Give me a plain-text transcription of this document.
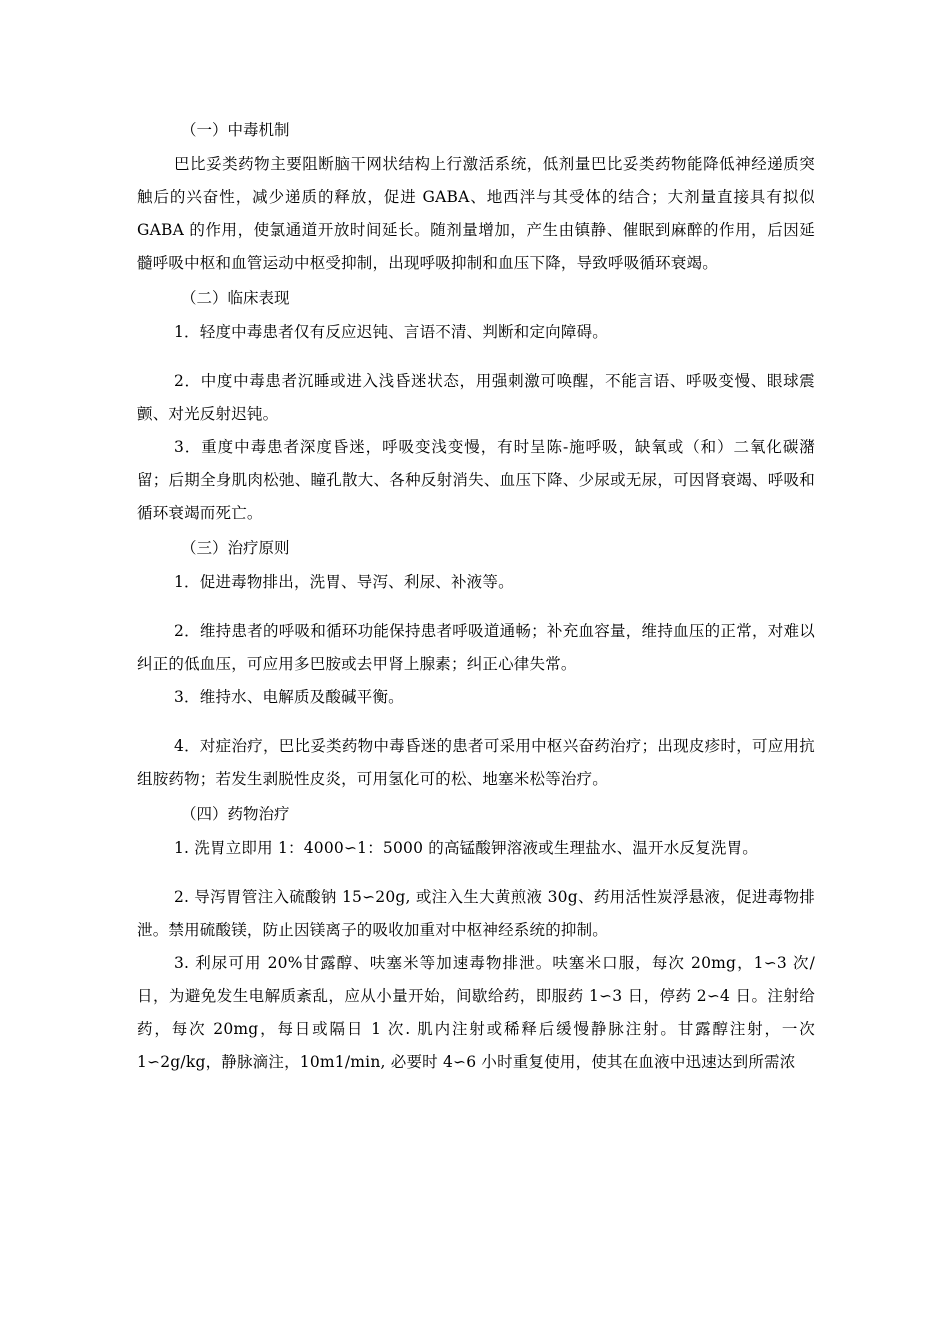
（一）中毒机制
巴比妥类药物主要阻断脑干网状结构上行激活系统，低剂量巴比妥类药物能降低神经递质突触后的兴奋性，减少递质的释放，促进 GABA、地西泮与其受体的结合；大剂量直接具有拟似 GABA 的作用，使氯通道开放时间延长。随剂量增加，产生由镇静、催眠到麻醉的作用，后因延髓呼吸中枢和血管运动中枢受抑制，出现呼吸抑制和血压下降，导致呼吸循环衰竭。
（二）临床表现
1．轻度中毒患者仅有反应迟钝、言语不清、判断和定向障碍。
2．中度中毒患者沉睡或进入浅昏迷状态，用强刺激可唤醒，不能言语、呼吸变慢、眼球震颤、对光反射迟钝。
3．重度中毒患者深度昏迷，呼吸变浅变慢，有时呈陈-施呼吸，缺氧或（和）二氧化碳潴留；后期全身肌肉松弛、瞳孔散大、各种反射消失、血压下降、少尿或无尿，可因肾衰竭、呼吸和循环衰竭而死亡。
（三）治疗原则
1．促进毒物排出，洗胃、导泻、利尿、补液等。
2．维持患者的呼吸和循环功能保持患者呼吸道通畅；补充血容量，维持血压的正常，对难以纠正的低血压，可应用多巴胺或去甲肾上腺素；纠正心律失常。
3．维持水、电解质及酸碱平衡。
4．对症治疗，巴比妥类药物中毒昏迷的患者可采用中枢兴奋药治疗；出现皮疹时，可应用抗组胺药物；若发生剥脱性皮炎，可用氢化可的松、地塞米松等治疗。
（四）药物治疗
1. 洗胃立即用 1：4000∽1：5000 的高锰酸钾溶液或生理盐水、温开水反复洗胃。
2. 导泻胃管注入硫酸钠 15∽20g, 或注入生大黄煎液 30g、药用活性炭浮悬液，促进毒物排泄。禁用硫酸镁，防止因镁离子的吸收加重对中枢神经系统的抑制。
3. 利尿可用 20%甘露醇、呋塞米等加速毒物排泄。呋塞米口服，每次 20mg，1∽3 次/日，为避免发生电解质紊乱，应从小量开始，间歇给药，即服药 1∽3 日，停药 2∽4 日。注射给药，每次 20mg，每日或隔日 1 次. 肌内注射或稀释后缓慢静脉注射。甘露醇注射，一次 1∽2g/kg，静脉滴注，10m1/min, 必要时 4∽6 小时重复使用，使其在血液中迅速达到所需浓
